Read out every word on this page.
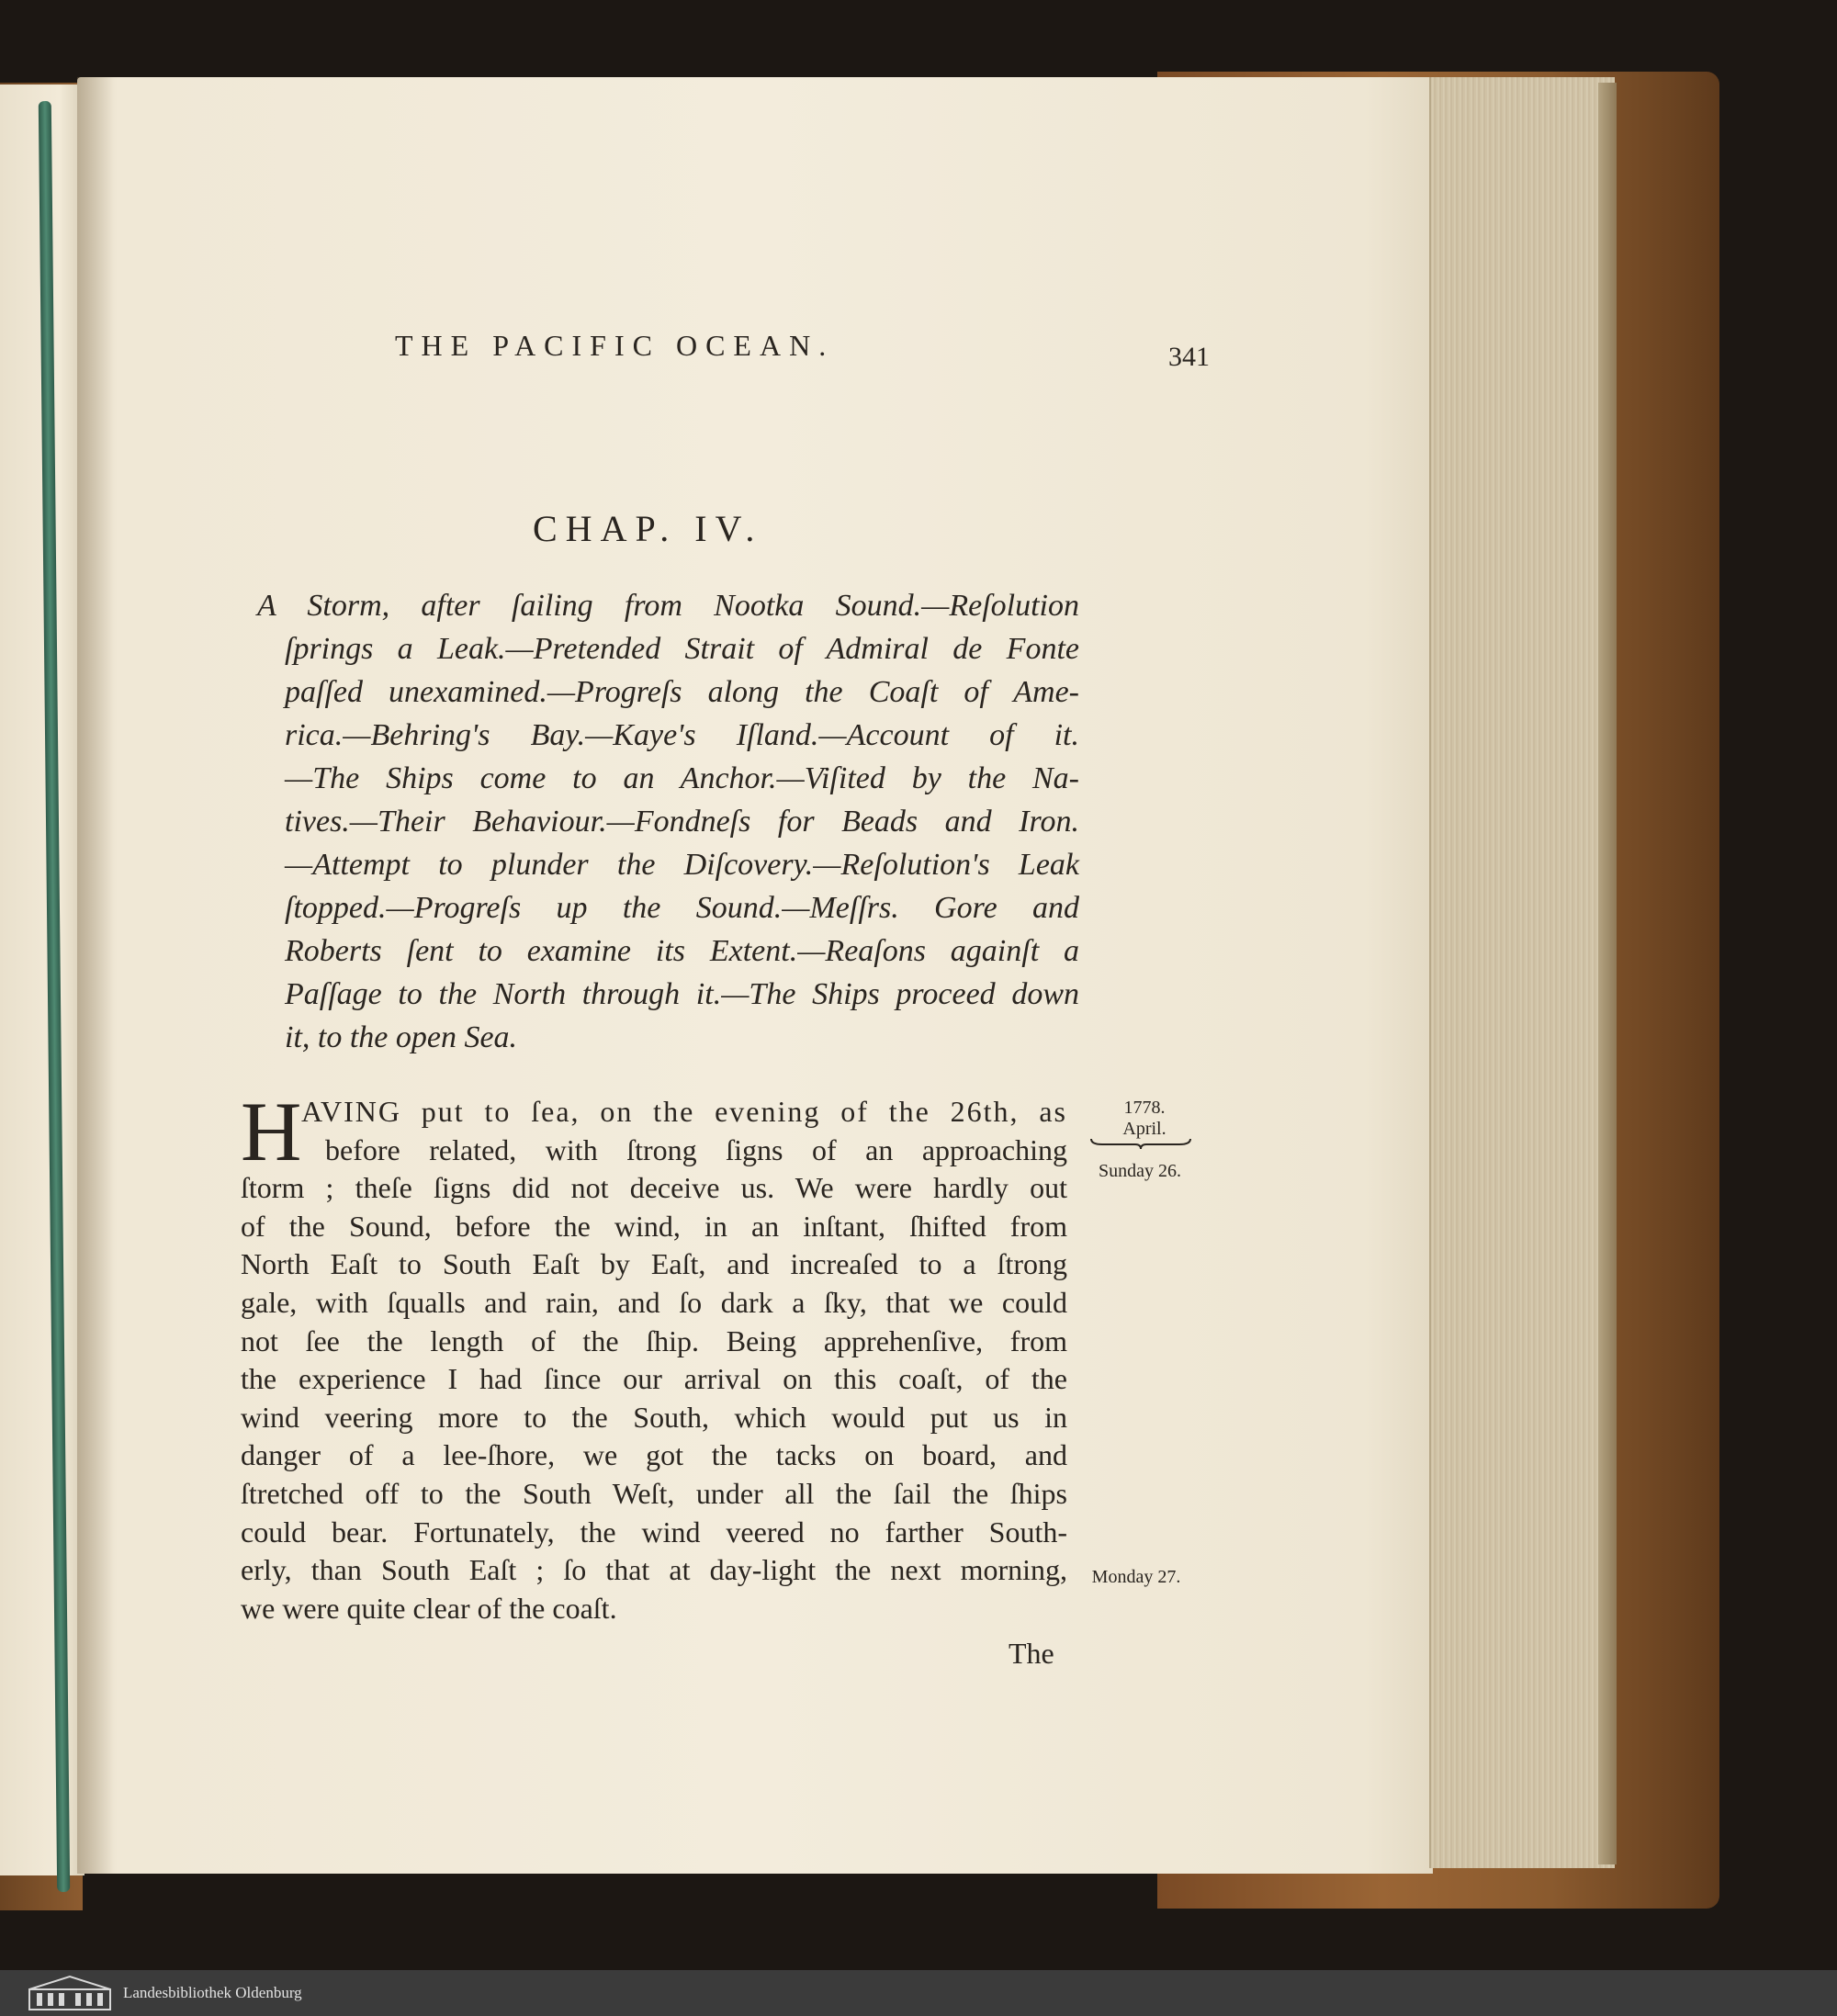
THE PACIFIC OCEAN.	341
CHAP. IV.
A Storm, after ſailing from Nootka Sound.—Reſolution
ſprings a Leak.—Pretended Strait of Admiral de Fonte
paſſed unexamined.—Progreſs along the Coaſt of Ame-
rica.—Behring's Bay.—Kaye's Iſland.—Account of it.
—The Ships come to an Anchor.—Viſited by the Na-
tives.—Their Behaviour.—Fondneſs for Beads and Iron.
—Attempt to plunder the Diſcovery.—Reſolution's Leak
ſtopped.—Progreſs up the Sound.—Meſſrs. Gore and
Roberts ſent to examine its Extent.—Reaſons againſt a
Paſſage to the North through it.—The Ships proceed down
it, to the open Sea.
H AVING put to ſea, on the evening of the 26th, as
before related, with ſtrong ſigns of an approaching
ſtorm ; theſe ſigns did not deceive us. We were hardly out
of the Sound, before the wind, in an inſtant, ſhifted from
North Eaſt to South Eaſt by Eaſt, and increaſed to a ſtrong
gale, with ſqualls and rain, and ſo dark a ſky, that we could
not ſee the length of the ſhip. Being apprehenſive, from
the experience I had ſince our arrival on this coaſt, of the
wind veering more to the South, which would put us in
danger of a lee-ſhore, we got the tacks on board, and
ſtretched off to the South Weſt, under all the ſail the ſhips
could bear. Fortunately, the wind veered no farther South-
erly, than South Eaſt ; ſo that at day-light the next morning,
we were quite clear of the coaſt.
The
1778.
April.
Sunday 26.
Monday 27.
Landesbibliothek Oldenburg
